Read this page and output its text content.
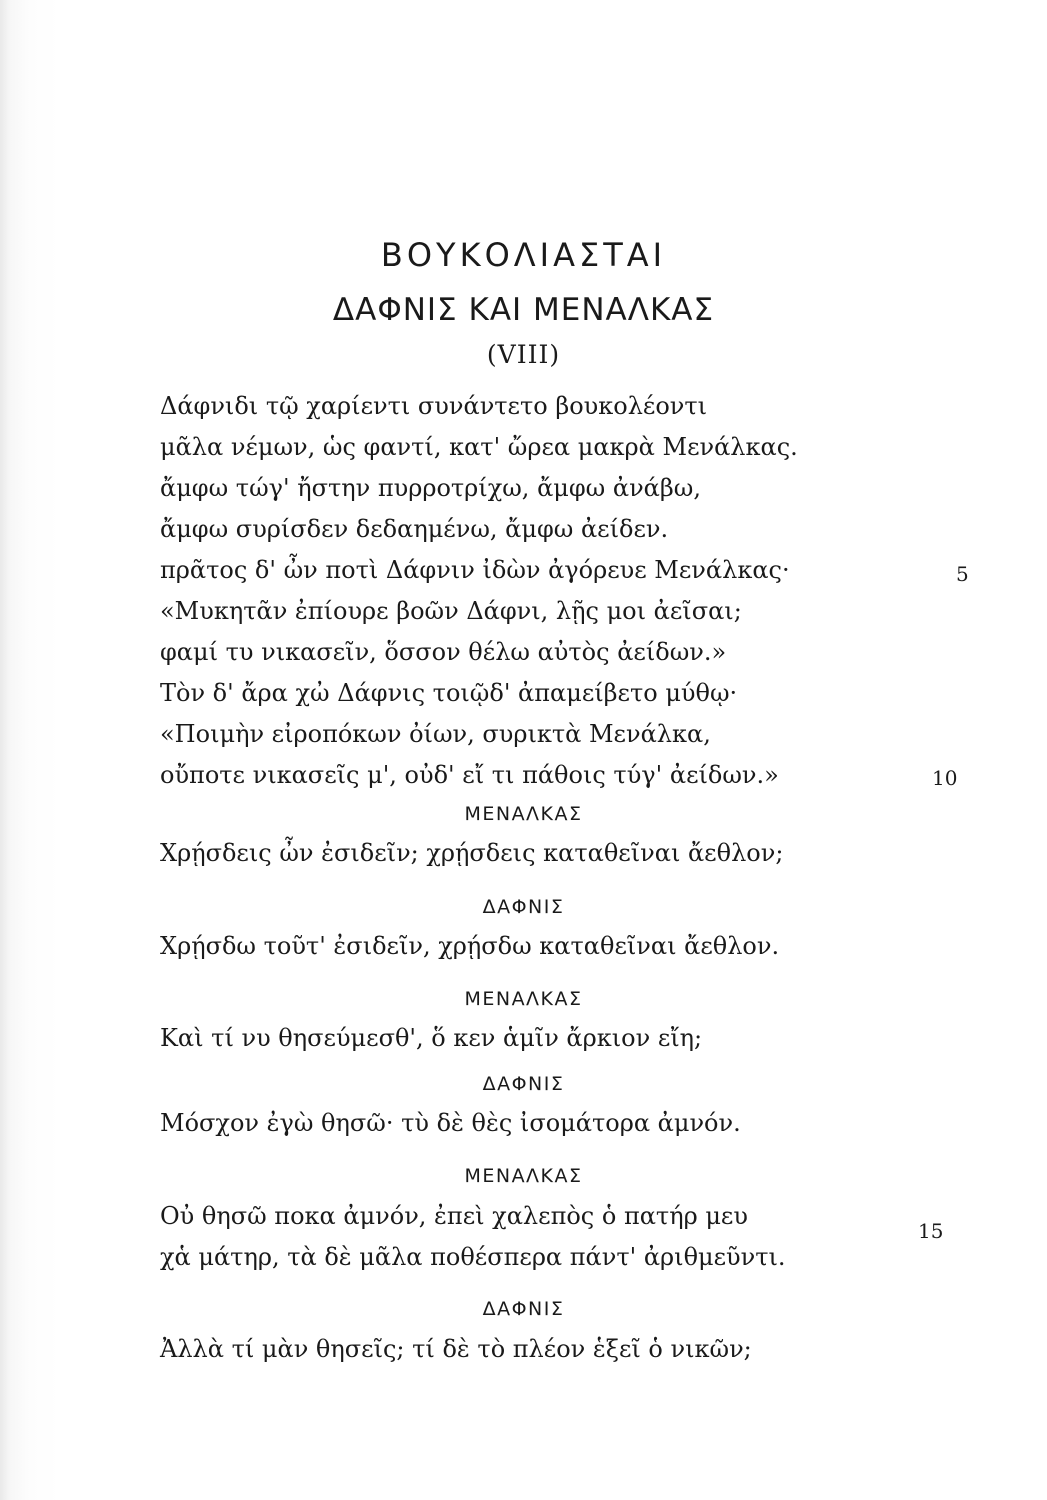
ΒΟΥΚΟΛΙΑΣΤΑΙ
ΔΑΦΝΙΣ ΚΑΙ ΜΕΝΑΛΚΑΣ
(VIII)
Δάφνιδι τῷ χαρίεντι συνάντετο βουκολέοντι
μᾶλα νέμων, ὡς φαντί, κατ' ὤρεα μακρὰ Μενάλκας.
ἄμφω τώγ' ἤστην πυρροτρίχω, ἄμφω ἀνάβω,
ἄμφω συρίσδεν δεδαημένω, ἄμφω ἀείδεν.
πρᾶτος δ' ὦν ποτὶ Δάφνιν ἰδὼν ἀγόρευε Μενάλκας·
«Μυκητᾶν ἐπίουρε βοῶν Δάφνι, λῇς μοι ἀεῖσαι;
φαμί τυ νικασεῖν, ὅσσον θέλω αὐτὸς ἀείδων.»
Τὸν δ' ἄρα χὠ Δάφνις τοιῷδ' ἀπαμείβετο μύθῳ·
«Ποιμὴν εἰροπόκων ὀίων, συρικτὰ Μενάλκα,
οὔποτε νικασεῖς μ', οὐδ' εἴ τι πάθοις τύγ' ἀείδων.»
ΜΕΝΑΛΚΑΣ
Χρῄσδεις ὦν ἐσιδεῖν; χρῄσδεις καταθεῖναι ἄεθλον;
ΔΑΦΝΙΣ
Χρῄσδω τοῦτ' ἐσιδεῖν, χρῄσδω καταθεῖναι ἄεθλον.
ΜΕΝΑΛΚΑΣ
Καὶ τί νυ θησεύμεσθ', ὅ κεν ἁμῖν ἄρκιον εἴη;
ΔΑΦΝΙΣ
Μόσχον ἐγὼ θησῶ· τὺ δὲ θὲς ἰσομάτορα ἀμνόν.
ΜΕΝΑΛΚΑΣ
Οὐ θησῶ ποκα ἀμνόν, ἐπεὶ χαλεπὸς ὁ πατήρ μευ
χἁ μάτηρ, τὰ δὲ μᾶλα ποθέσπερα πάντ' ἀριθμεῦντι.
ΔΑΦΝΙΣ
Ἀλλὰ τί μὰν θησεῖς; τί δὲ τὸ πλέον ἑξεῖ ὁ νικῶν;
5
10
15
